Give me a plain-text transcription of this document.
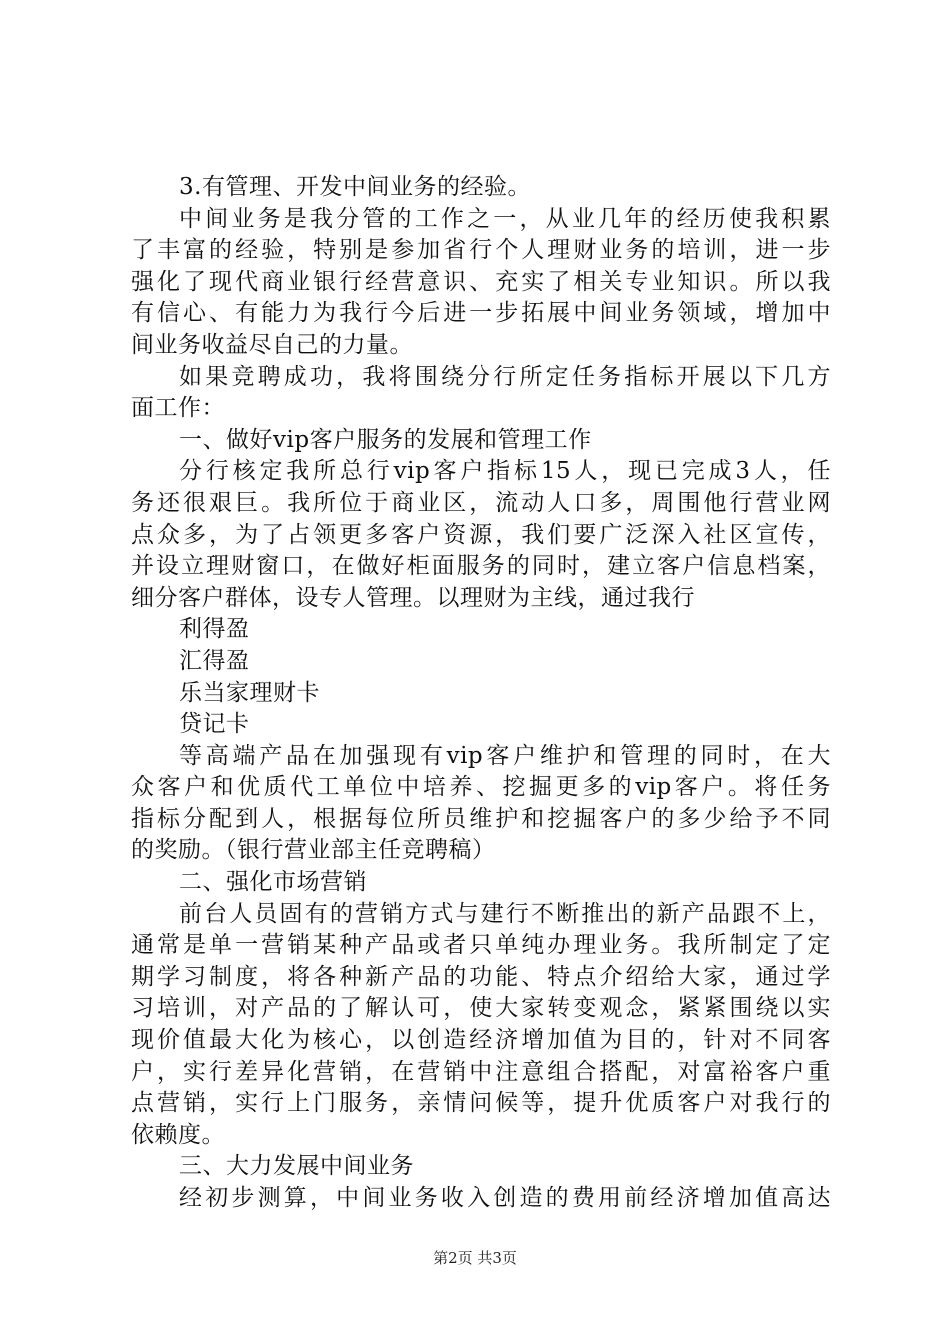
3.有管理、开发中间业务的经验。
中间业务是我分管的工作之一，从业几年的经历使我积累
了丰富的经验，特别是参加省行个人理财业务的培训，进一步
强化了现代商业银行经营意识、充实了相关专业知识。所以我
有信心、有能力为我行今后进一步拓展中间业务领域，增加中
间业务收益尽自己的力量。
如果竞聘成功，我将围绕分行所定任务指标开展以下几方
面工作：
一、做好vip客户服务的发展和管理工作
分行核定我所总行vip客户指标15人，现已完成3人，任
务还很艰巨。我所位于商业区，流动人口多，周围他行营业网
点众多，为了占领更多客户资源，我们要广泛深入社区宣传，
并设立理财窗口，在做好柜面服务的同时，建立客户信息档案，
细分客户群体，设专人管理。以理财为主线，通过我行
利得盈
汇得盈
乐当家理财卡
贷记卡
等高端产品在加强现有vip客户维护和管理的同时，在大
众客户和优质代工单位中培养、挖掘更多的vip客户。将任务
指标分配到人，根据每位所员维护和挖掘客户的多少给予不同
的奖励。（银行营业部主任竞聘稿）
二、强化市场营销
前台人员固有的营销方式与建行不断推出的新产品跟不上，
通常是单一营销某种产品或者只单纯办理业务。我所制定了定
期学习制度，将各种新产品的功能、特点介绍给大家，通过学
习培训，对产品的了解认可，使大家转变观念，紧紧围绕以实
现价值最大化为核心，以创造经济增加值为目的，针对不同客
户，实行差异化营销，在营销中注意组合搭配，对富裕客户重
点营销，实行上门服务，亲情问候等，提升优质客户对我行的
依赖度。
三、大力发展中间业务
经初步测算，中间业务收入创造的费用前经济增加值高达
第2页 共3页
